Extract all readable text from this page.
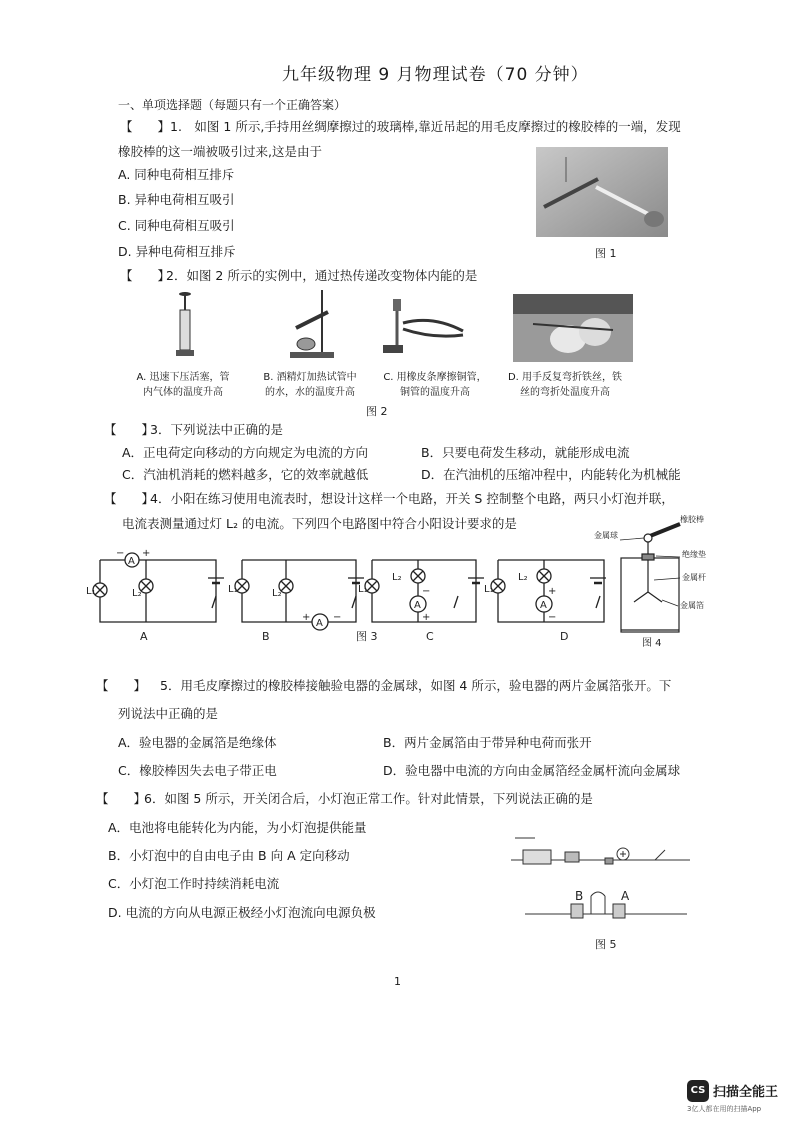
九年级物理 9 月物理试卷（70 分钟）
一、单项选择题（每题只有一个正确答案）
【　　】 1.　如图 1 所示,手持用丝绸摩擦过的玻璃棒,靠近吊起的用毛皮摩擦过的橡胶棒的一端，发现
橡胶棒的这一端被吸引过来,这是由于
A. 同种电荷相互排斥
B. 异种电荷相互吸引
C. 同种电荷相互吸引
D. 异种电荷相互排斥	图 1
【　　】
2．如图 2 所示的实例中，通过热传递改变物体内能的是
A. 迅速下压活塞，管
内气体的温度升高
B. 酒精灯加热试管中
的水，水的温度升高
C. 用橡皮条摩擦铜管，
铜管的温度升高
D. 用手反复弯折铁丝，铁
丝的弯折处温度升高
图 2
【　　】
3．下列说法中正确的是
A．正电荷定向移动的方向规定为电流的方向	B．只要电荷发生移动，就能形成电流
C．汽油机消耗的燃料越多，它的效率就越低	D．在汽油机的压缩冲程中，内能转化为机械能
【　　】
4．小阳在练习使用电流表时，想设计这样一个电路，开关 S 控制整个电路，两只小灯泡并联，
电流表测量通过灯 L₂ 的电流。下列四个电路图中符合小阳设计要求的是
A
− +
L₁	L₂	L₁	L₂
A
+ −
L₁
L₂
A
−
+
L₁
L₂
A
+
−
A	B	图 3	C	D
橡胶棒
金属球
绝缘垫
金属杆
金属箔
图 4
【　　】 5．用毛皮摩擦过的橡胶棒接触验电器的金属球，如图 4 所示，验电器的两片金属箔张开。下
列说法中正确的是
A．验电器的金属箔是绝缘体	B．两片金属箔由于带异种电荷而张开
C．橡胶棒因失去电子带正电	D．验电器中电流的方向由金属箔经金属杆流向金属球
【　　】
6．如图 5 所示，开关闭合后，小灯泡正常工作。针对此情景，下列说法正确的是
A．电池将电能转化为内能，为小灯泡提供能量
B．小灯泡中的自由电子由 B 向 A 定向移动
C．小灯泡工作时持续消耗电流
D. 电流的方向从电源正极经小灯泡流向电源负极
B	A
图 5
1
CS 扫描全能王
3亿人都在用的扫描App
